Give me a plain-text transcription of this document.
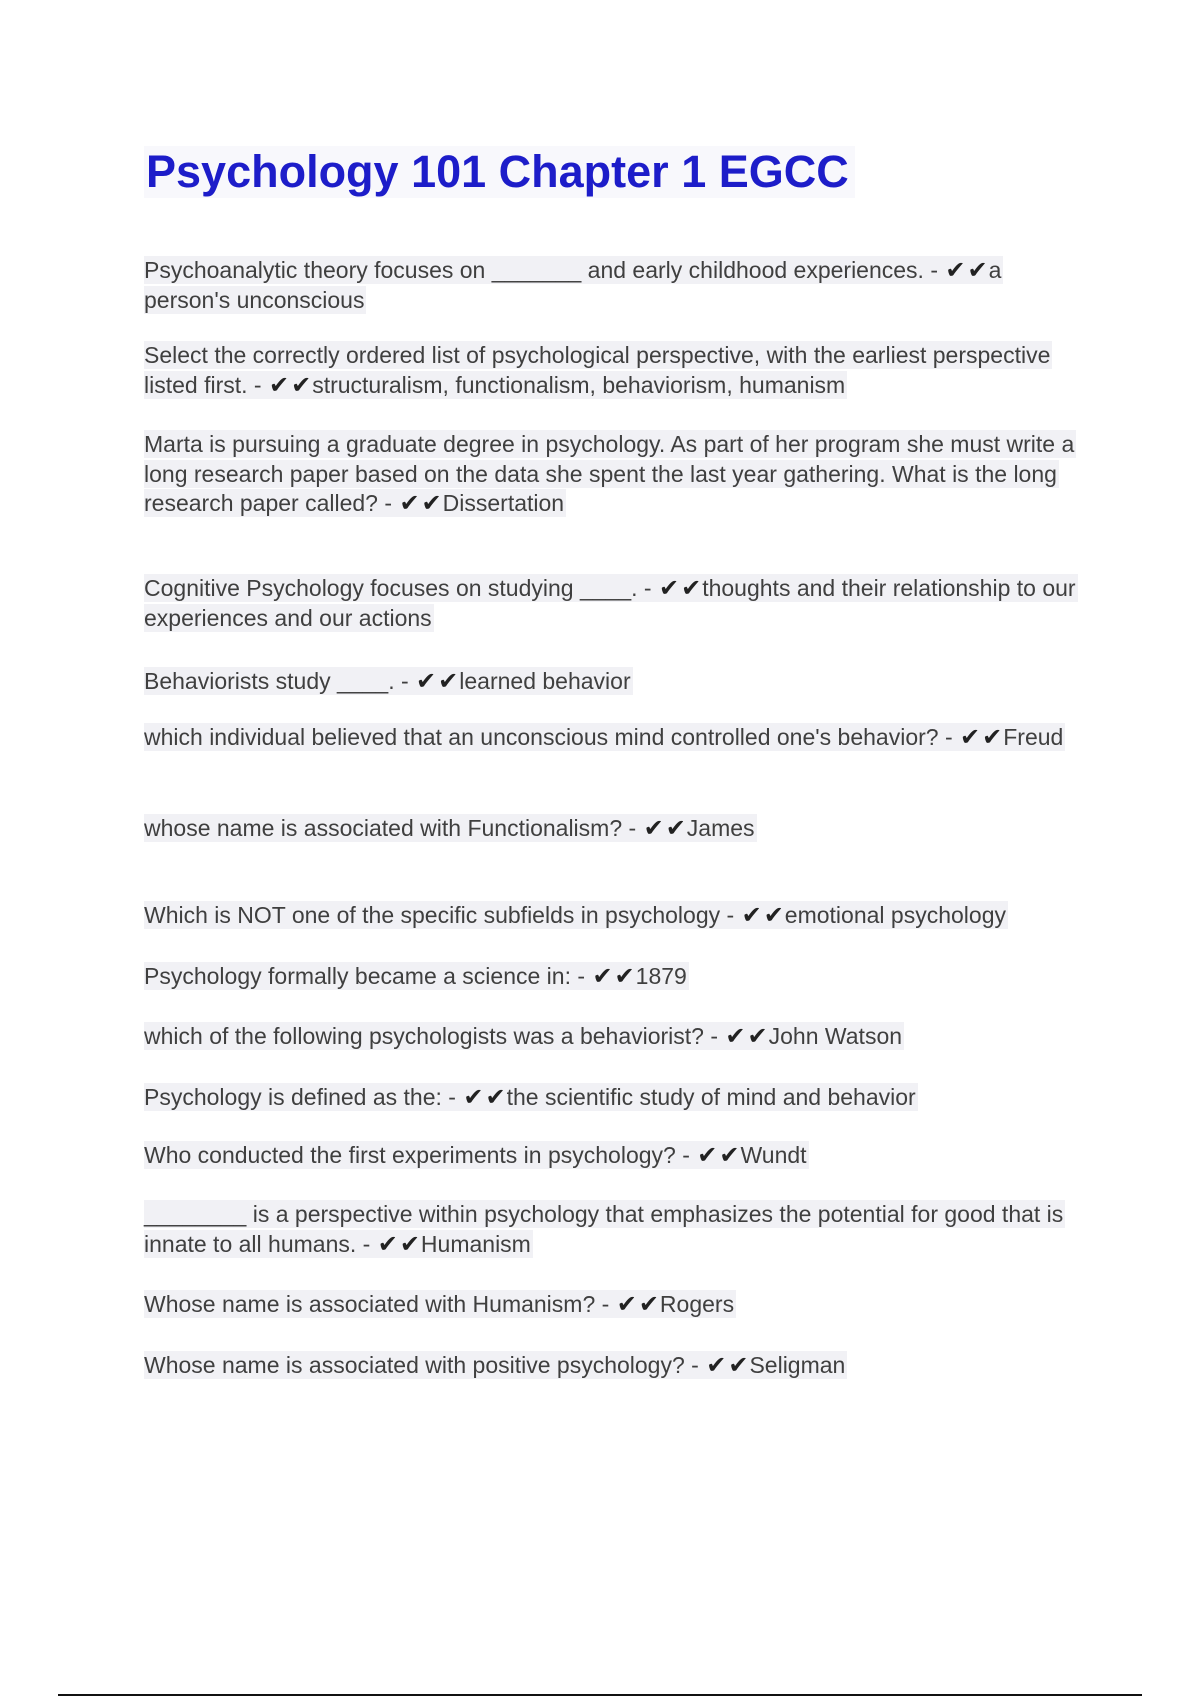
Psychology 101 Chapter 1 EGCC

Psychoanalytic theory focuses on _______ and early childhood experiences. - ✔✔a person's unconscious

Select the correctly ordered list of psychological perspective, with the earliest perspective listed first. - ✔✔structuralism, functionalism, behaviorism, humanism

Marta is pursuing a graduate degree in psychology. As part of her program she must write a long research paper based on the data she spent the last year gathering. What is the long research paper called? - ✔✔Dissertation

Cognitive Psychology focuses on studying ____. - ✔✔thoughts and their relationship to our experiences and our actions

Behaviorists study ____. - ✔✔learned behavior

which individual believed that an unconscious mind controlled one's behavior? - ✔✔Freud

whose name is associated with Functionalism? - ✔✔James

Which is NOT one of the specific subfields in psychology - ✔✔emotional psychology

Psychology formally became a science in: - ✔✔1879

which of the following psychologists was a behaviorist? - ✔✔John Watson

Psychology is defined as the: - ✔✔the scientific study of mind and behavior

Who conducted the first experiments in psychology? - ✔✔Wundt

________ is a perspective within psychology that emphasizes the potential for good that is innate to all humans. - ✔✔Humanism

Whose name is associated with Humanism? - ✔✔Rogers

Whose name is associated with positive psychology? - ✔✔Seligman
